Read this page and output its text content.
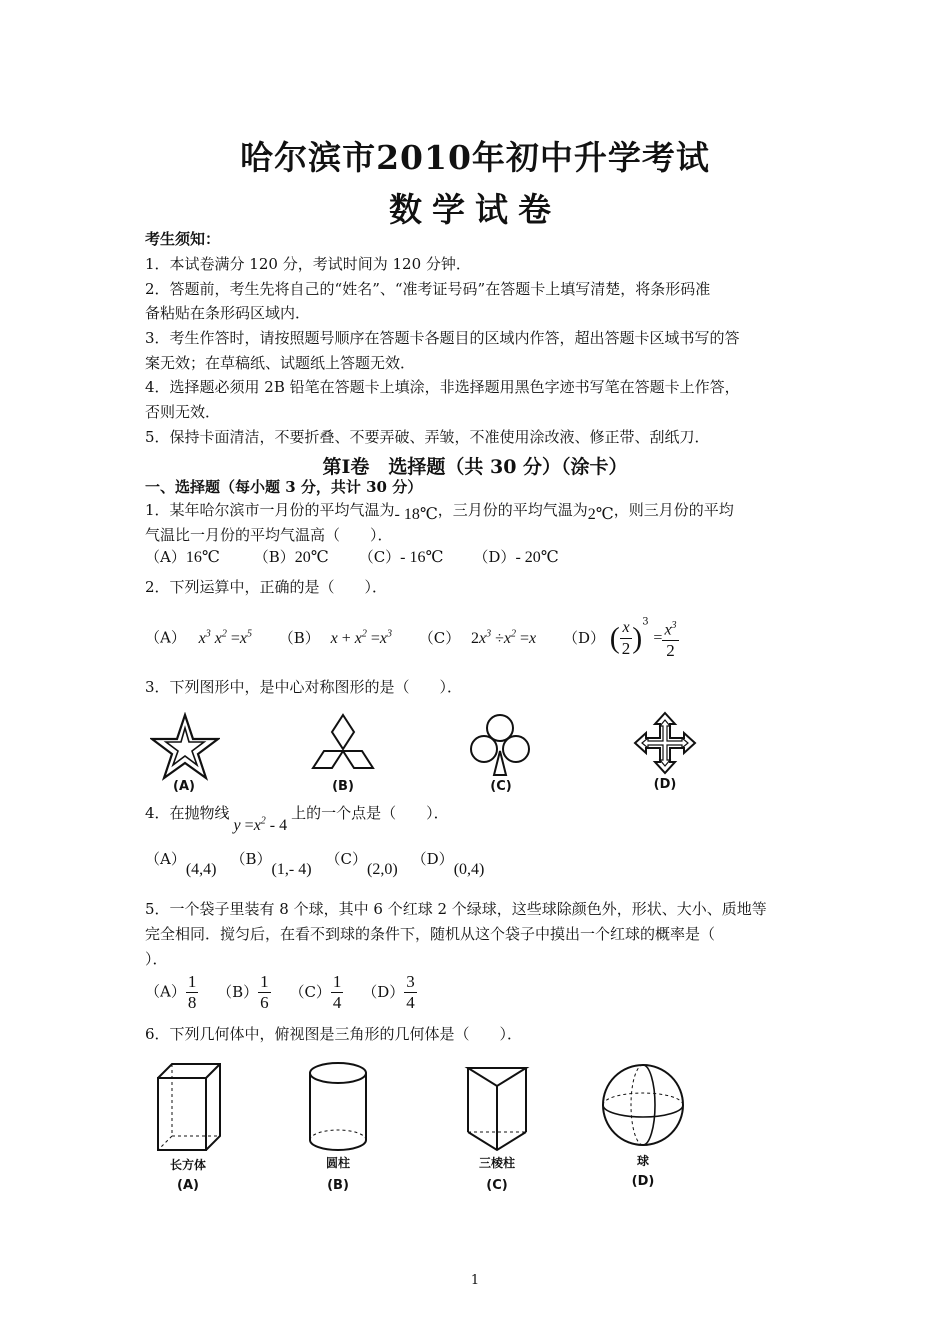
哈尔滨市2010年初中升学考试
数学试卷
考生须知：
1．本试卷满分 120 分，考试时间为 120 分钟．
2．答题前，考生先将自己的“姓名”、“准考证号码”在答题卡上填写清楚，将条形码准
备粘贴在条形码区域内．
3．考生作答时，请按照题号顺序在答题卡各题目的区域内作答，超出答题卡区域书写的答
案无效；在草稿纸、试题纸上答题无效．
4．选择题必须用 2B 铅笔在答题卡上填涂，非选择题用黑色字迹书写笔在答题卡上作答，
否则无效．
5．保持卡面清洁，不要折叠、不要弄破、弄皱，不准使用涂改液、修正带、刮纸刀．
第Ⅰ卷　选择题（共 30 分）（涂卡）
一、选择题（每小题 3 分，共计 30 分）
1．某年哈尔滨市一月份的平均气温为- 18℃，三月份的平均气温为2℃，则三月份的平均
气温比一月份的平均气温高（　　）．
（A）16℃ （B）20℃ （C）- 16℃ （D）- 20℃
2．下列运算中，正确的是（　　）．
（A） $x^3$ $x^2 =x^5$ （B） $x + x^2 =x^3$ （C） $2x^3 \div x^2 =x$ （D） ( $\frac{x}{2} )^3 = \frac{x^3}{2}$
3．下列图形中，是中心对称图形的是（　　）．
(A)	(B)	(C)	(D)
4．在抛物线$y =x^2 - 4$上的一个点是（　　）．
（A）(4,4)（B）(1,- 4)（C）(2,0)（D）(0,4)
5．一个袋子里装有 8 个球，其中 6 个红球 2 个绿球，这些球除颜色外，形状、大小、质地等
完全相同．搅匀后，在看不到球的条件下，随机从这个袋子中摸出一个红球的概率是（
）．
$(A) \frac{1}{8} (B) \frac{1}{6} (C) \frac{1}{4} (D) \frac{3}{4}$
6．下列几何体中，俯视图是三角形的几何体是（　　）．
长方体
(A)
圆柱
(B)
三棱柱
(C)
球
(D)
1
